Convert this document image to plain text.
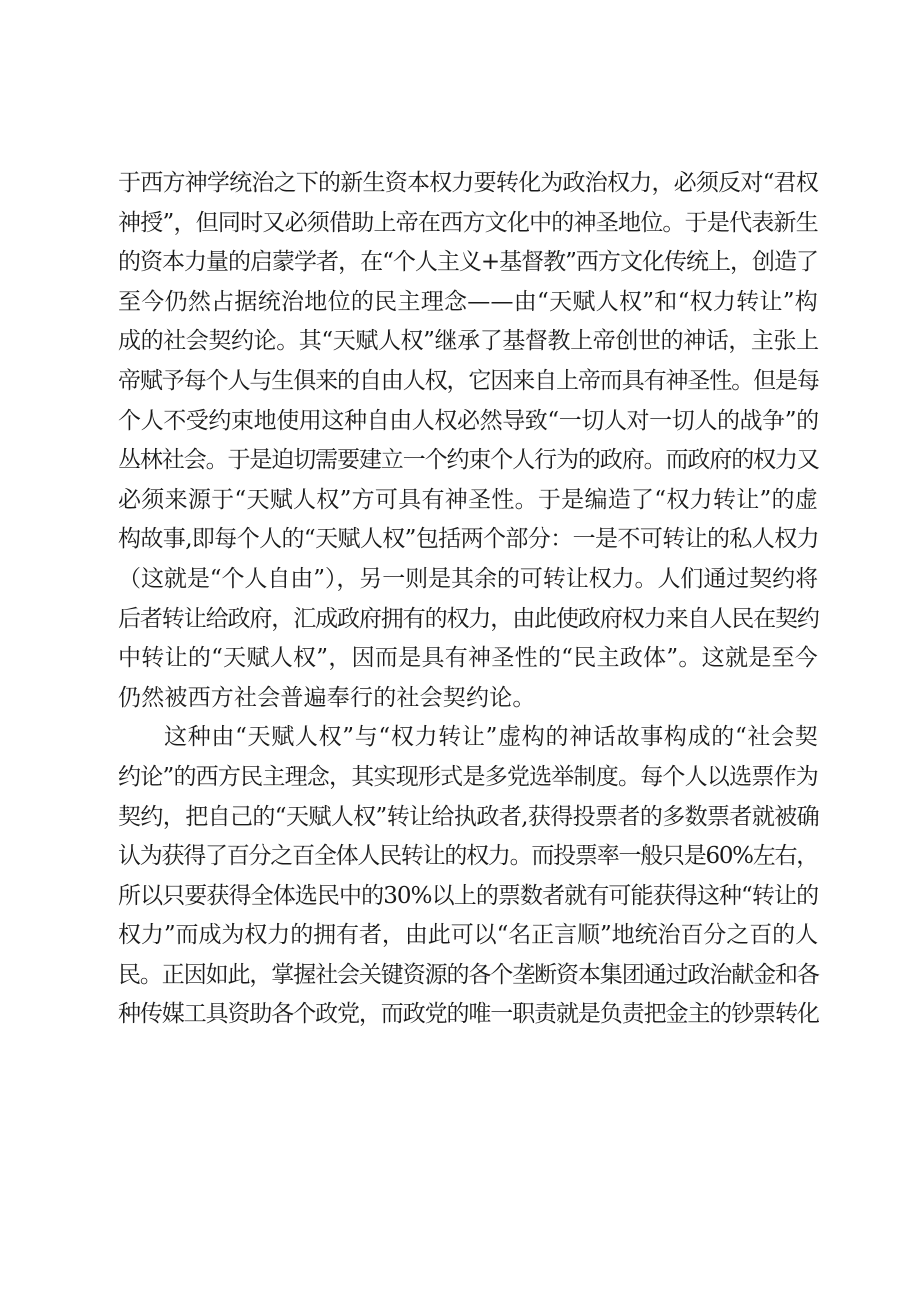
于西方神学统治之下的新生资本权力要转化为政治权力，必须反对“君权
神授”，但同时又必须借助上帝在西方文化中的神圣地位。于是代表新生
的资本力量的启蒙学者，在“个人主义+基督教”西方文化传统上，创造了
至今仍然占据统治地位的民主理念——由“天赋人权”和“权力转让”构
成的社会契约论。其“天赋人权”继承了基督教上帝创世的神话，主张上
帝赋予每个人与生俱来的自由人权，它因来自上帝而具有神圣性。但是每
个人不受约束地使用这种自由人权必然导致“一切人对一切人的战争”的
丛林社会。于是迫切需要建立一个约束个人行为的政府。而政府的权力又
必须来源于“天赋人权”方可具有神圣性。于是编造了“权力转让”的虚
构故事,即每个人的“天赋人权”包括两个部分：一是不可转让的私人权力
（这就是“个人自由”），另一则是其余的可转让权力。人们通过契约将
后者转让给政府，汇成政府拥有的权力，由此使政府权力来自人民在契约
中转让的“天赋人权”，因而是具有神圣性的“民主政体”。这就是至今
仍然被西方社会普遍奉行的社会契约论。
这种由“天赋人权”与“权力转让”虚构的神话故事构成的“社会契
约论”的西方民主理念，其实现形式是多党选举制度。每个人以选票作为
契约，把自己的“天赋人权”转让给执政者,获得投票者的多数票者就被确
认为获得了百分之百全体人民转让的权力。而投票率一般只是60%左右，
所以只要获得全体选民中的30%以上的票数者就有可能获得这种“转让的
权力”而成为权力的拥有者，由此可以“名正言顺”地统治百分之百的人
民。正因如此，掌握社会关键资源的各个垄断资本集团通过政治献金和各
种传媒工具资助各个政党，而政党的唯一职责就是负责把金主的钞票转化
